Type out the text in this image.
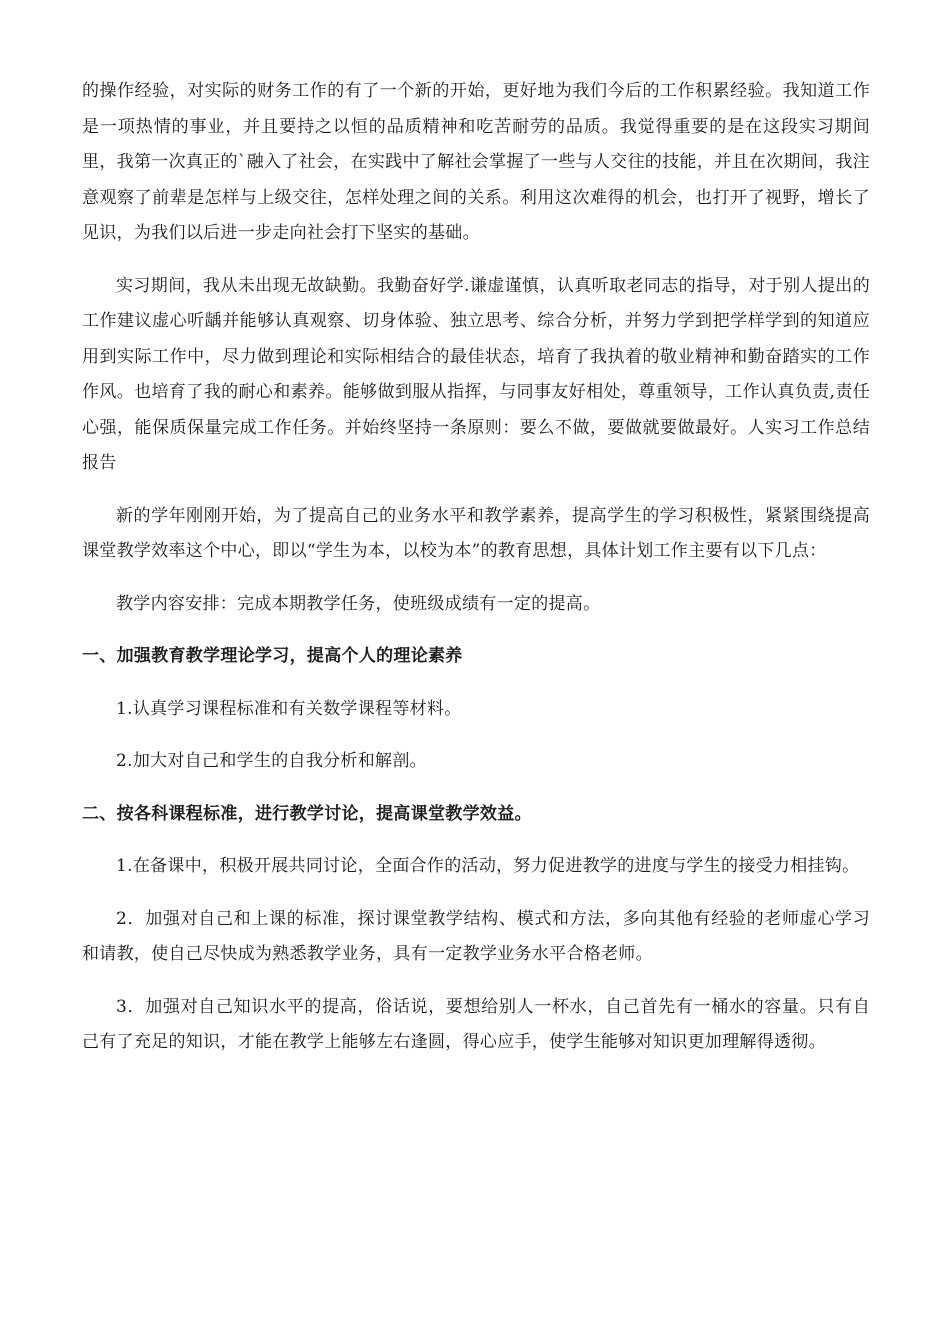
的操作经验，对实际的财务工作的有了一个新的开始，更好地为我们今后的工作积累经验。我知道工作是一项热情的事业，并且要持之以恒的品质精神和吃苦耐劳的品质。我觉得重要的是在这段实习期间里，我第一次真正的`融入了社会，在实践中了解社会掌握了一些与人交往的技能，并且在次期间，我注意观察了前辈是怎样与上级交往，怎样处理之间的关系。利用这次难得的机会，也打开了视野，增长了见识，为我们以后进一步走向社会打下坚实的基础。

实习期间，我从未出现无故缺勤。我勤奋好学.谦虚谨慎，认真听取老同志的指导，对于别人提出的工作建议虚心听龋并能够认真观察、切身体验、独立思考、综合分析，并努力学到把学样学到的知道应用到实际工作中，尽力做到理论和实际相结合的最佳状态，培育了我执着的敬业精神和勤奋踏实的工作作风。也培育了我的耐心和素养。能够做到服从指挥，与同事友好相处，尊重领导，工作认真负责,责任心强，能保质保量完成工作任务。并始终坚持一条原则：要么不做，要做就要做最好。人实习工作总结报告

新的学年刚刚开始，为了提高自己的业务水平和教学素养，提高学生的学习积极性，紧紧围绕提高课堂教学效率这个中心，即以“学生为本，以校为本”的教育思想，具体计划工作主要有以下几点：

教学内容安排：完成本期教学任务，使班级成绩有一定的提高。

一、加强教育教学理论学习，提高个人的理论素养

1.认真学习课程标准和有关数学课程等材料。

2.加大对自己和学生的自我分析和解剖。

二、按各科课程标准，进行教学讨论，提高课堂教学效益。

1.在备课中，积极开展共同讨论，全面合作的活动，努力促进教学的进度与学生的接受力相挂钩。

2．加强对自己和上课的标准，探讨课堂教学结构、模式和方法，多向其他有经验的老师虚心学习和请教，使自己尽快成为熟悉教学业务，具有一定教学业务水平合格老师。

3．加强对自己知识水平的提高，俗话说，要想给别人一杯水，自己首先有一桶水的容量。只有自己有了充足的知识，才能在教学上能够左右逢圆，得心应手，使学生能够对知识更加理解得透彻。
